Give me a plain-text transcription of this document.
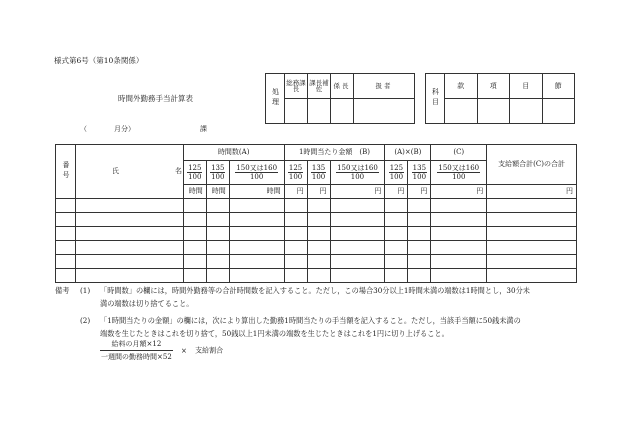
様式第6号（第10条関係）
時間外勤務手当計算表
（	月分）	課
処理	総務課長	課長補佐	係長	扱者

科目	款	項	目	節

番号	氏 名	時間数(A)			1時間当たり金額　(B)			(A)×(B)		(C)	支給額合計(C)の合計

		$\frac{125}{100}$	$\frac{135}{100}$	$\frac{\text{150又は160}}{100}$	$\frac{125}{100}$	$\frac{135}{100}$	$\frac{\text{150又は160}}{100}$	$\frac{125}{100}$	$\frac{135}{100}$	$\frac{\text{150又は160}}{100}$

		時間	時間	時間	円	円	円	円	円	円	円

備考 (1) 「時間数」の欄には，時間外勤務等の合計時間数を記入すること。ただし，この場合30分以上1時間未満の端数は1時間とし，30分未
満の端数は切り捨てること。
(2) 「1時間当たりの金額」の欄には，次により算出した勤務1時間当たりの手当額を記入すること。ただし，当該手当額に50銭未満の
端数を生じたときはこれを切り捨て，50銭以上1円未満の端数を生じたときはこれを1円に切り上げること。
$\frac{\text{給料の月額×12}}{\text{一週間の勤務時間×52}}$ × 支給割合
